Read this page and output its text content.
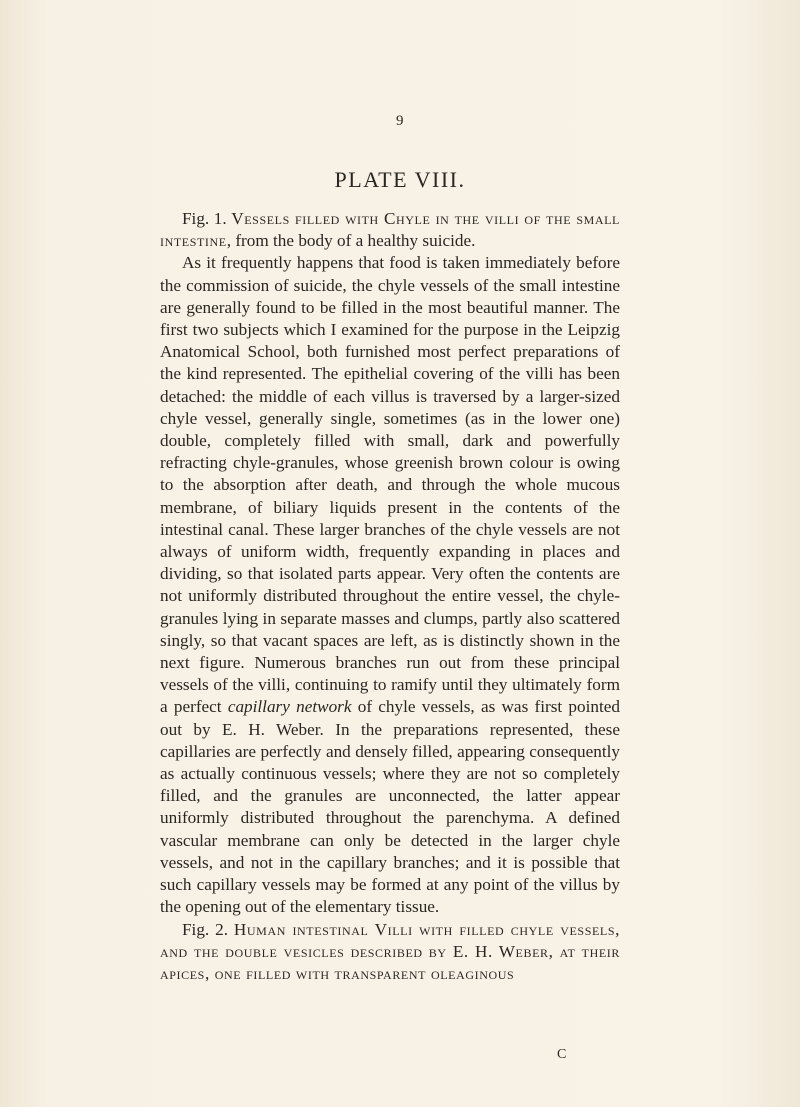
9
PLATE VIII.

Fig. 1. Vessels filled with Chyle in the villi of the small intestine, from the body of a healthy suicide.

As it frequently happens that food is taken immediately before the commission of suicide, the chyle vessels of the small intestine are generally found to be filled in the most beautiful manner. The first two subjects which I examined for the purpose in the Leipzig Anatomical School, both furnished most perfect preparations of the kind represented. The epithelial covering of the villi has been detached: the middle of each villus is traversed by a larger-sized chyle vessel, generally single, sometimes (as in the lower one) double, completely filled with small, dark and powerfully refracting chyle-granules, whose greenish brown colour is owing to the absorption after death, and through the whole mucous membrane, of biliary liquids present in the contents of the intestinal canal. These larger branches of the chyle vessels are not always of uniform width, frequently expanding in places and dividing, so that isolated parts appear. Very often the contents are not uniformly distributed throughout the entire vessel, the chyle-granules lying in separate masses and clumps, partly also scattered singly, so that vacant spaces are left, as is distinctly shown in the next figure. Numerous branches run out from these principal vessels of the villi, continuing to ramify until they ultimately form a perfect capillary network of chyle vessels, as was first pointed out by E. H. Weber. In the preparations represented, these capillaries are perfectly and densely filled, appearing consequently as actually continuous vessels; where they are not so completely filled, and the granules are unconnected, the latter appear uniformly distributed throughout the parenchyma. A defined vascular membrane can only be detected in the larger chyle vessels, and not in the capillary branches; and it is possible that such capillary vessels may be formed at any point of the villus by the opening out of the elementary tissue.

Fig. 2. Human intestinal Villi with filled chyle vessels, and the double vesicles described by E. H. Weber, at their apices, one filled with transparent oleaginous

C
